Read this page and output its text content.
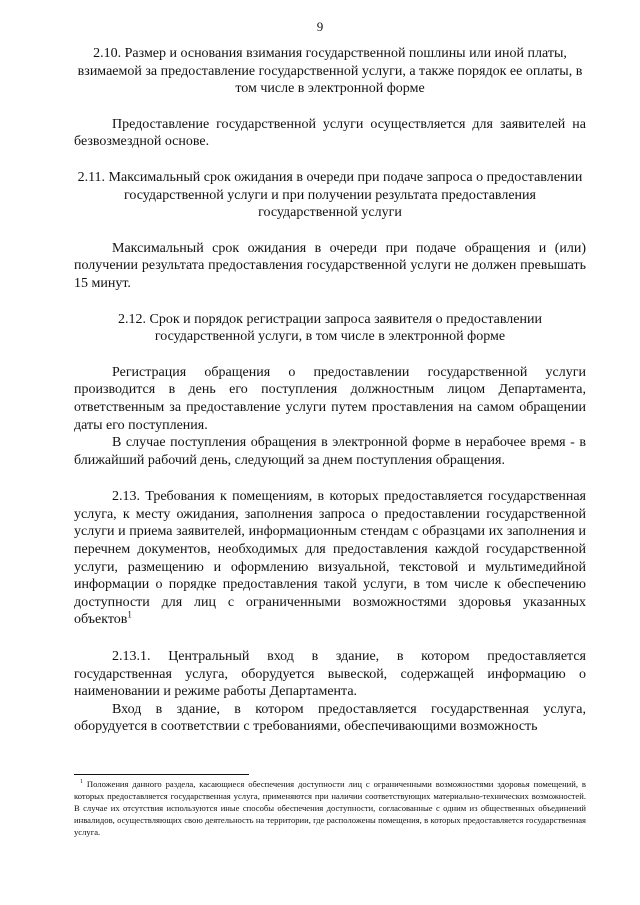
9

2.10. Размер и основания взимания государственной пошлины или иной платы, взимаемой за предоставление государственной услуги, а также порядок ее оплаты, в том числе в электронной форме

Предоставление государственной услуги осуществляется для заявителей на безвозмездной основе.

2.11. Максимальный срок ожидания в очереди при подаче запроса о предоставлении государственной услуги и при получении результата предоставления государственной услуги

Максимальный срок ожидания в очереди при подаче обращения и (или) получении результата предоставления государственной услуги не должен превышать 15 минут.

2.12. Срок и порядок регистрации запроса заявителя о предоставлении государственной услуги, в том числе в электронной форме

Регистрация обращения о предоставлении государственной услуги производится в день его поступления должностным лицом Департамента, ответственным за предоставление услуги путем проставления на самом обращении даты его поступления.

В случае поступления обращения в электронной форме в нерабочее время - в ближайший рабочий день, следующий за днем поступления обращения.

2.13. Требования к помещениям, в которых предоставляется государственная услуга, к месту ожидания, заполнения запроса о предоставлении государственной услуги и приема заявителей, информационным стендам с образцами их заполнения и перечнем документов, необходимых для предоставления каждой государственной услуги, размещению и оформлению визуальной, текстовой и мультимедийной информации о порядке предоставления такой услуги, в том числе к обеспечению доступности для лиц с ограниченными возможностями здоровья указанных объектов$^1$

2.13.1. Центральный вход в здание, в котором предоставляется государственная услуга, оборудуется вывеской, содержащей информацию о наименовании и режиме работы Департамента.

Вход в здание, в котором предоставляется государственная услуга, оборудуется в соответствии с требованиями, обеспечивающими возможность

$^1$ Положения данного раздела, касающиеся обеспечения доступности лиц с ограниченными возможностями здоровья помещений, в которых предоставляется государственная услуга, применяются при наличии соответствующих материально-технических возможностей. В случае их отсутствия используются иные способы обеспечения доступности, согласованные с одним из общественных объединений инвалидов, осуществляющих свою деятельность на территории, где расположены помещения, в которых предоставляется государственная услуга.
